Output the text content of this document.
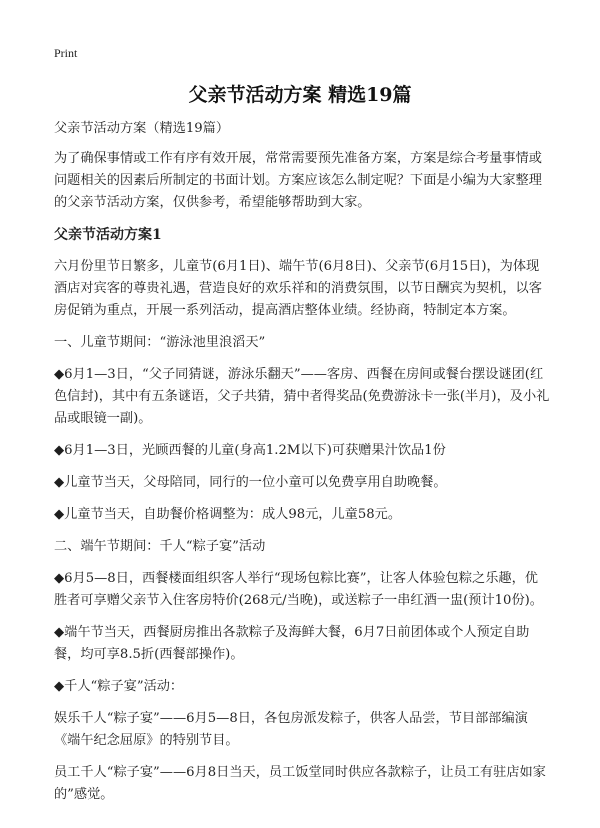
Print
父亲节活动方案 精选19篇

父亲节活动方案（精选19篇）

为了确保事情或工作有序有效开展，常常需要预先准备方案，方案是综合考量事情或问题相关的因素后所制定的书面计划。方案应该怎么制定呢？下面是小编为大家整理的父亲节活动方案，仅供参考，希望能够帮助到大家。

父亲节活动方案1

六月份里节日繁多，儿童节(6月1日)、端午节(6月8日)、父亲节(6月15日)，为体现酒店对宾客的尊贵礼遇，营造良好的欢乐祥和的消费氛围，以节日酬宾为契机，以客房促销为重点，开展一系列活动，提高酒店整体业绩。经协商，特制定本方案。

一、儿童节期间：“游泳池里浪滔天”

◆6月1—3日，“父子同猜谜，游泳乐翻天”——客房、西餐在房间或餐台摆设谜团(红色信封)，其中有五条谜语，父子共猜，猜中者得奖品(免费游泳卡一张(半月)，及小礼品或眼镜一副)。

◆6月1—3日，光顾西餐的儿童(身高1.2M以下)可获赠果汁饮品1份

◆儿童节当天，父母陪同，同行的一位小童可以免费享用自助晚餐。

◆儿童节当天，自助餐价格调整为：成人98元，儿童58元。

二、端午节期间：千人“粽子宴”活动

◆6月5—8日，西餐楼面组织客人举行“现场包粽比赛”，让客人体验包粽之乐趣，优胜者可享赠父亲节入住客房特价(268元/当晚)，或送粽子一串红酒一盅(预计10份)。

◆端午节当天，西餐厨房推出各款粽子及海鲜大餐，6月7日前团体或个人预定自助餐，均可享8.5折(西餐部操作)。

◆千人“粽子宴”活动：

娱乐千人“粽子宴”——6月5—8日，各包房派发粽子，供客人品尝，节目部部编演《端午纪念屈原》的特别节目。

员工千人“粽子宴”——6月8日当天，员工饭堂同时供应各款粽子，让员工有驻店如家的”感觉。
